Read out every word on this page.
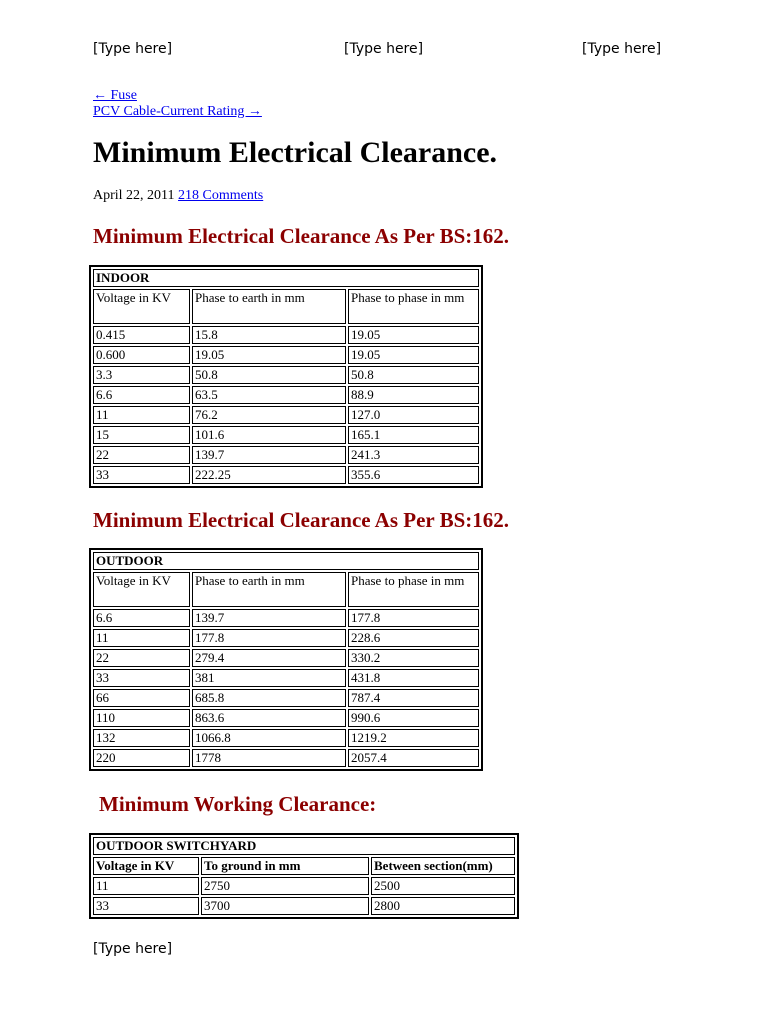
[Type here]	[Type here]	[Type here]
← Fuse
PCV Cable-Current Rating →
Minimum Electrical Clearance.
April 22, 2011 218 Comments
Minimum Electrical Clearance As Per BS:162.
INDOOR		
Voltage in KV	Phase to earth in mm	Phase to phase in mm
0.415	15.8	19.05
0.600	19.05	19.05
3.3	50.8	50.8
6.6	63.5	88.9
11	76.2	127.0
15	101.6	165.1
22	139.7	241.3
33	222.25	355.6
Minimum Electrical Clearance As Per BS:162.
OUTDOOR		
Voltage in KV	Phase to earth in mm	Phase to phase in mm
6.6	139.7	177.8
11	177.8	228.6
22	279.4	330.2
33	381	431.8
66	685.8	787.4
110	863.6	990.6
132	1066.8	1219.2
220	1778	2057.4
Minimum Working Clearance:
OUTDOOR SWITCHYARD		
Voltage in KV	To ground in mm	Between section(mm)
11	2750	2500
33	3700	2800
[Type here]
